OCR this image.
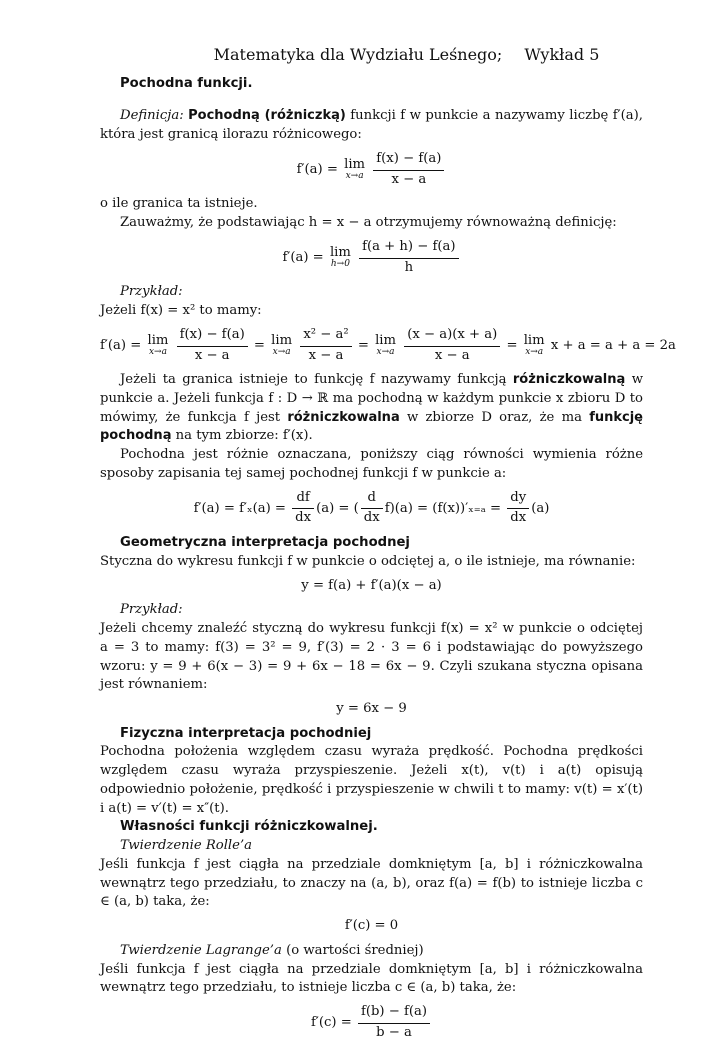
Matematyka dla Wydziału Leśnego; Wykład 5
Pochodna funkcji.

Definicja: Pochodną (różniczką) funkcji f w punkcie a nazywamy liczbę f′(a), która jest granicą ilorazu różnicowego:

f′(a) = lim
x→a
$\frac{f(x) - f(a)}{x - a}$

o ile granica ta istnieje.

Zauważmy, że podstawiając h = x − a otrzymujemy równoważną definicję:

f′(a) = lim
h→0
$\frac{f(a + h) - f(a)}{h}$

Przykład:

Jeżeli f(x) = x² to mamy:

f′(a) = lim
x→a
$\frac{f(x) - f(a)}{x - a} = \lim$
x→a
$\frac{\text{x² − a²}}{x - a} = \lim$
x→a
$\frac{(x - a)(x + a)}{x - a} = \lim$
x→a x + a = a + a = 2a

Jeżeli ta granica istnieje to funkcję f nazywamy funkcją różniczkowalną w punkcie a. Jeżeli funkcja f : D → ℝ ma pochodną w każdym punkcie x zbioru D to mówimy, że funkcja f jest różniczkowalna w zbiorze D oraz, że ma funkcję pochodną na tym zbiorze: f′(x).

Pochodna jest różnie oznaczana, poniższy ciąg równości wymienia różne sposoby zapisania tej samej pochodnej funkcji f w punkcie a:

$f'(a) = f'_x(a) = \frac{df}{dx} (a)$ = ( $\frac{d}{dx} f)(a) = (f(x))'_{x=a} = \frac{dy}{dx} (a)$
Geometryczna interpretacja pochodnej

Styczna do wykresu funkcji f w punkcie o odciętej a, o ile istnieje, ma równanie:

y = f(a) + f′(a)(x − a)

Przykład:

Jeżeli chcemy znaleźć styczną do wykresu funkcji f(x) = x² w punkcie o odciętej a = 3 to mamy: f(3) = 3² = 9, f′(3) = 2 · 3 = 6 i podstawiając do powyższego wzoru: y = 9 + 6(x − 3) = 9 + 6x − 18 = 6x − 9. Czyli szukana styczna opisana jest równaniem:

y = 6x − 9
Fizyczna interpretacja pochodniej

Pochodna położenia względem czasu wyraża prędkość. Pochodna prędkości względem czasu wyraża przyspieszenie. Jeżeli x(t), v(t) i a(t) opisują odpowiednio położenie, prędkość i przyspieszenie w chwili t to mamy: v(t) = x′(t) i a(t) = v′(t) = x″(t).

Własności funkcji różniczkowalnej.

Twierdzenie Rolle’a

Jeśli funkcja f jest ciągła na przedziale domkniętym [a, b] i różniczkowalna wewnątrz tego przedziału, to znaczy na (a, b), oraz f(a) = f(b) to istnieje liczba c ∈ (a, b) taka, że:

f′(c) = 0

Twierdzenie Lagrange’a (o wartości średniej)

Jeśli funkcja f jest ciągła na przedziale domkniętym [a, b] i różniczkowalna wewnątrz tego przedziału, to istnieje liczba c ∈ (a, b) taka, że:

$f'(c) = \frac{f(b) - f(a)}{b - a}$
